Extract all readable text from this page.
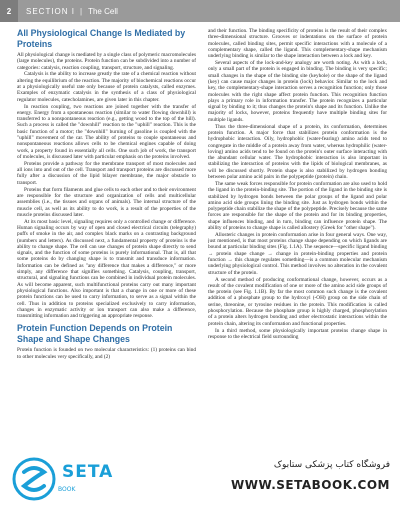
2	SECTION I | The Cell
All Physiological Change Is Mediated by Proteins

All physiological change is mediated by a single class of polymeric macromolecules (large molecules), the proteins. Protein function can be subdivided into a number of categories: catalysis, reaction coupling, transport, structure, and signaling.

Catalysis is the ability to increase greatly the rate of a chemical reaction without altering the equilibrium of the reaction. The majority of biochemical reactions occur at a physiologically useful rate only because of protein catalysts, called enzymes. Examples of enzymatic catalysis in the synthesis of a class of physiological regulator molecules, catecholamines, are given later in this chapter.

In reaction coupling, two reactions are joined together with the transfer of energy. Energy from a spontaneous reaction (similar to water flowing downhill) is transferred to a nonspontaneous reaction (e.g., getting wood to the top of the hill). Such a process is called the "downhill" reaction to the "uphill" reaction. This is the basic function of a motor; the "downhill" burning of gasoline is coupled with the "uphill" movement of the car. The ability of proteins to couple spontaneous and nonspontaneous reactions allows cells to be chemical engines capable of doing work, a property found in essentially all cells. One such job of work, the transport of molecules, is discussed later with particular emphasis on the proteins involved.

Proteins provide a pathway for the membrane transport of most molecules and all ions into and out of the cell. Transport and transport proteins are discussed more fully after a discussion of the lipid bilayer membrane, the major obstacle to transport.

Proteins that form filaments and glue cells to each other and to their environment are responsible for the structure and organization of cells and multicellular assemblies (i.e., the tissues and organs of animals). The internal structure of the muscle cell, as well as its ability to do work, is a result of the properties of the muscle proteins discussed later.

At its most basic level, signaling requires only a controlled change or difference. Human signaling occurs by way of open and closed electrical circuits (telegraphy) puffs of smoke in the air, and complex black marks on a contrasting background (numbers and letters). As discussed next, a fundamental property of proteins is the ability to change shape. The cell can use changes of protein shape directly to send signals, and the function of some proteins is purely informational. That is, all that some proteins do by changing shape is to transmit and transduce information. Information can be defined as "any difference that makes a difference," or more simply, any difference that signifies something. Catalysis, coupling, transport, structural, and signaling functions can be combined in individual protein molecules. As will become apparent, such multifunctional proteins carry out many important physiological functions. Also important is that a change in one or more of these protein functions can be used to carry information, to serve as a signal within the cell. Thus in addition to proteins specialized exclusively to carry information, changes in enzymatic activity or ion transport can also make a difference, transmitting information and triggering an appropriate response.

Protein Function Depends on Protein Shape and Shape Changes

Protein function is founded on two molecular characteristics: (1) proteins can bind to other molecules very specifically, and (2)

and their function. The binding specificity of proteins is the result of their complex three-dimensional structure. Grooves or indentations on the surface of protein molecules, called binding sites, permit specific interactions with a molecule of a complementary shape, called the ligand. This complementary-shape mechanism underlying binding is similar to the shape interaction between a lock and key.

Several aspects of the lock-and-key analogy are worth noting. As with a lock, only a small part of the protein is engaged in binding. The binding is very specific; small changes in the shape of the binding site (keyhole) or the shape of the ligand (key) can cause major changes in protein (lock) behavior. Similar to the lock and key, the complementary-shape interaction serves a recognition function; only those molecules with the right shape affect protein function. This recognition function plays a primary role in information transfer. The protein recognizes a particular signal by binding to it; thus changes the protein's shape and its function. Unlike the majority of locks, however, proteins frequently have multiple binding sites for multiple ligands.

Thus the three-dimensional shape of a protein, its conformation, determines protein function. A major force that stabilizes protein conformation is the hydrophobic interaction. Oily, hydrophobic (water-fearing) amino acids tend to congregate in the middle of a protein away from water, whereas hydrophilic (water-loving) amino acids tend to be found on the protein's outer surface interacting with the abundant cellular water. The hydrophobic interaction is also important in stabilizing the interaction of proteins with the lipids of biological membranes, as will be discussed shortly. Protein shape is also stabilized by hydrogen bonding between polar amino acid pairs in the polypeptide (protein) chain.

The same weak forces responsible for protein conformation are also used to hold the ligand in the protein-binding site. The portion of the ligand in the binding site is stabilized by hydrogen bonds between the polar groups of the ligand and polar amino acid side groups lining the binding site. Just as hydrogen bonds within the polypeptide chain stabilize the shape of the polypeptide. Precisely because the same forces are responsible for the shape of the protein and for its binding properties, shape influences binding, and in turn, binding can influence protein shape. The ability of proteins to change shape is called allostery (Greek for "other shape").

Allosteric changes in protein conformation arise in four general ways. One way, just mentioned, is that most proteins change shape depending on which ligands are bound at particular binding sites (Fig. 1.1A). The sequence—specific ligand binding → protein shape change → change in protein-binding properties and protein function → this change regulates something—is a common molecular mechanism underlying physiological control. This method involves no alteration in the covalent structure of the protein.

A second method of producing conformational change, however, occurs as a result of the covalent modification of one or more of the amino acid side groups of the protein (see Fig. 1.1B). By far the most common such change is the covalent addition of a phosphate group to the hydroxyl (-OH) group on the side chain of serine, threonine, or tyrosine residues in the protein. This modification is called phosphorylation. Because the phosphate group is highly charged, phosphorylation of a protein alters hydrogen bonding and other electrostatic interactions within the protein chain, altering its conformation and functional properties.

In a third method, some physiologically important proteins change shape in response to the electrical field surrounding

SETA
BOOK
فروشگاه کتاب پزشکی ستابوک
WWW.SETABOOK.COM
